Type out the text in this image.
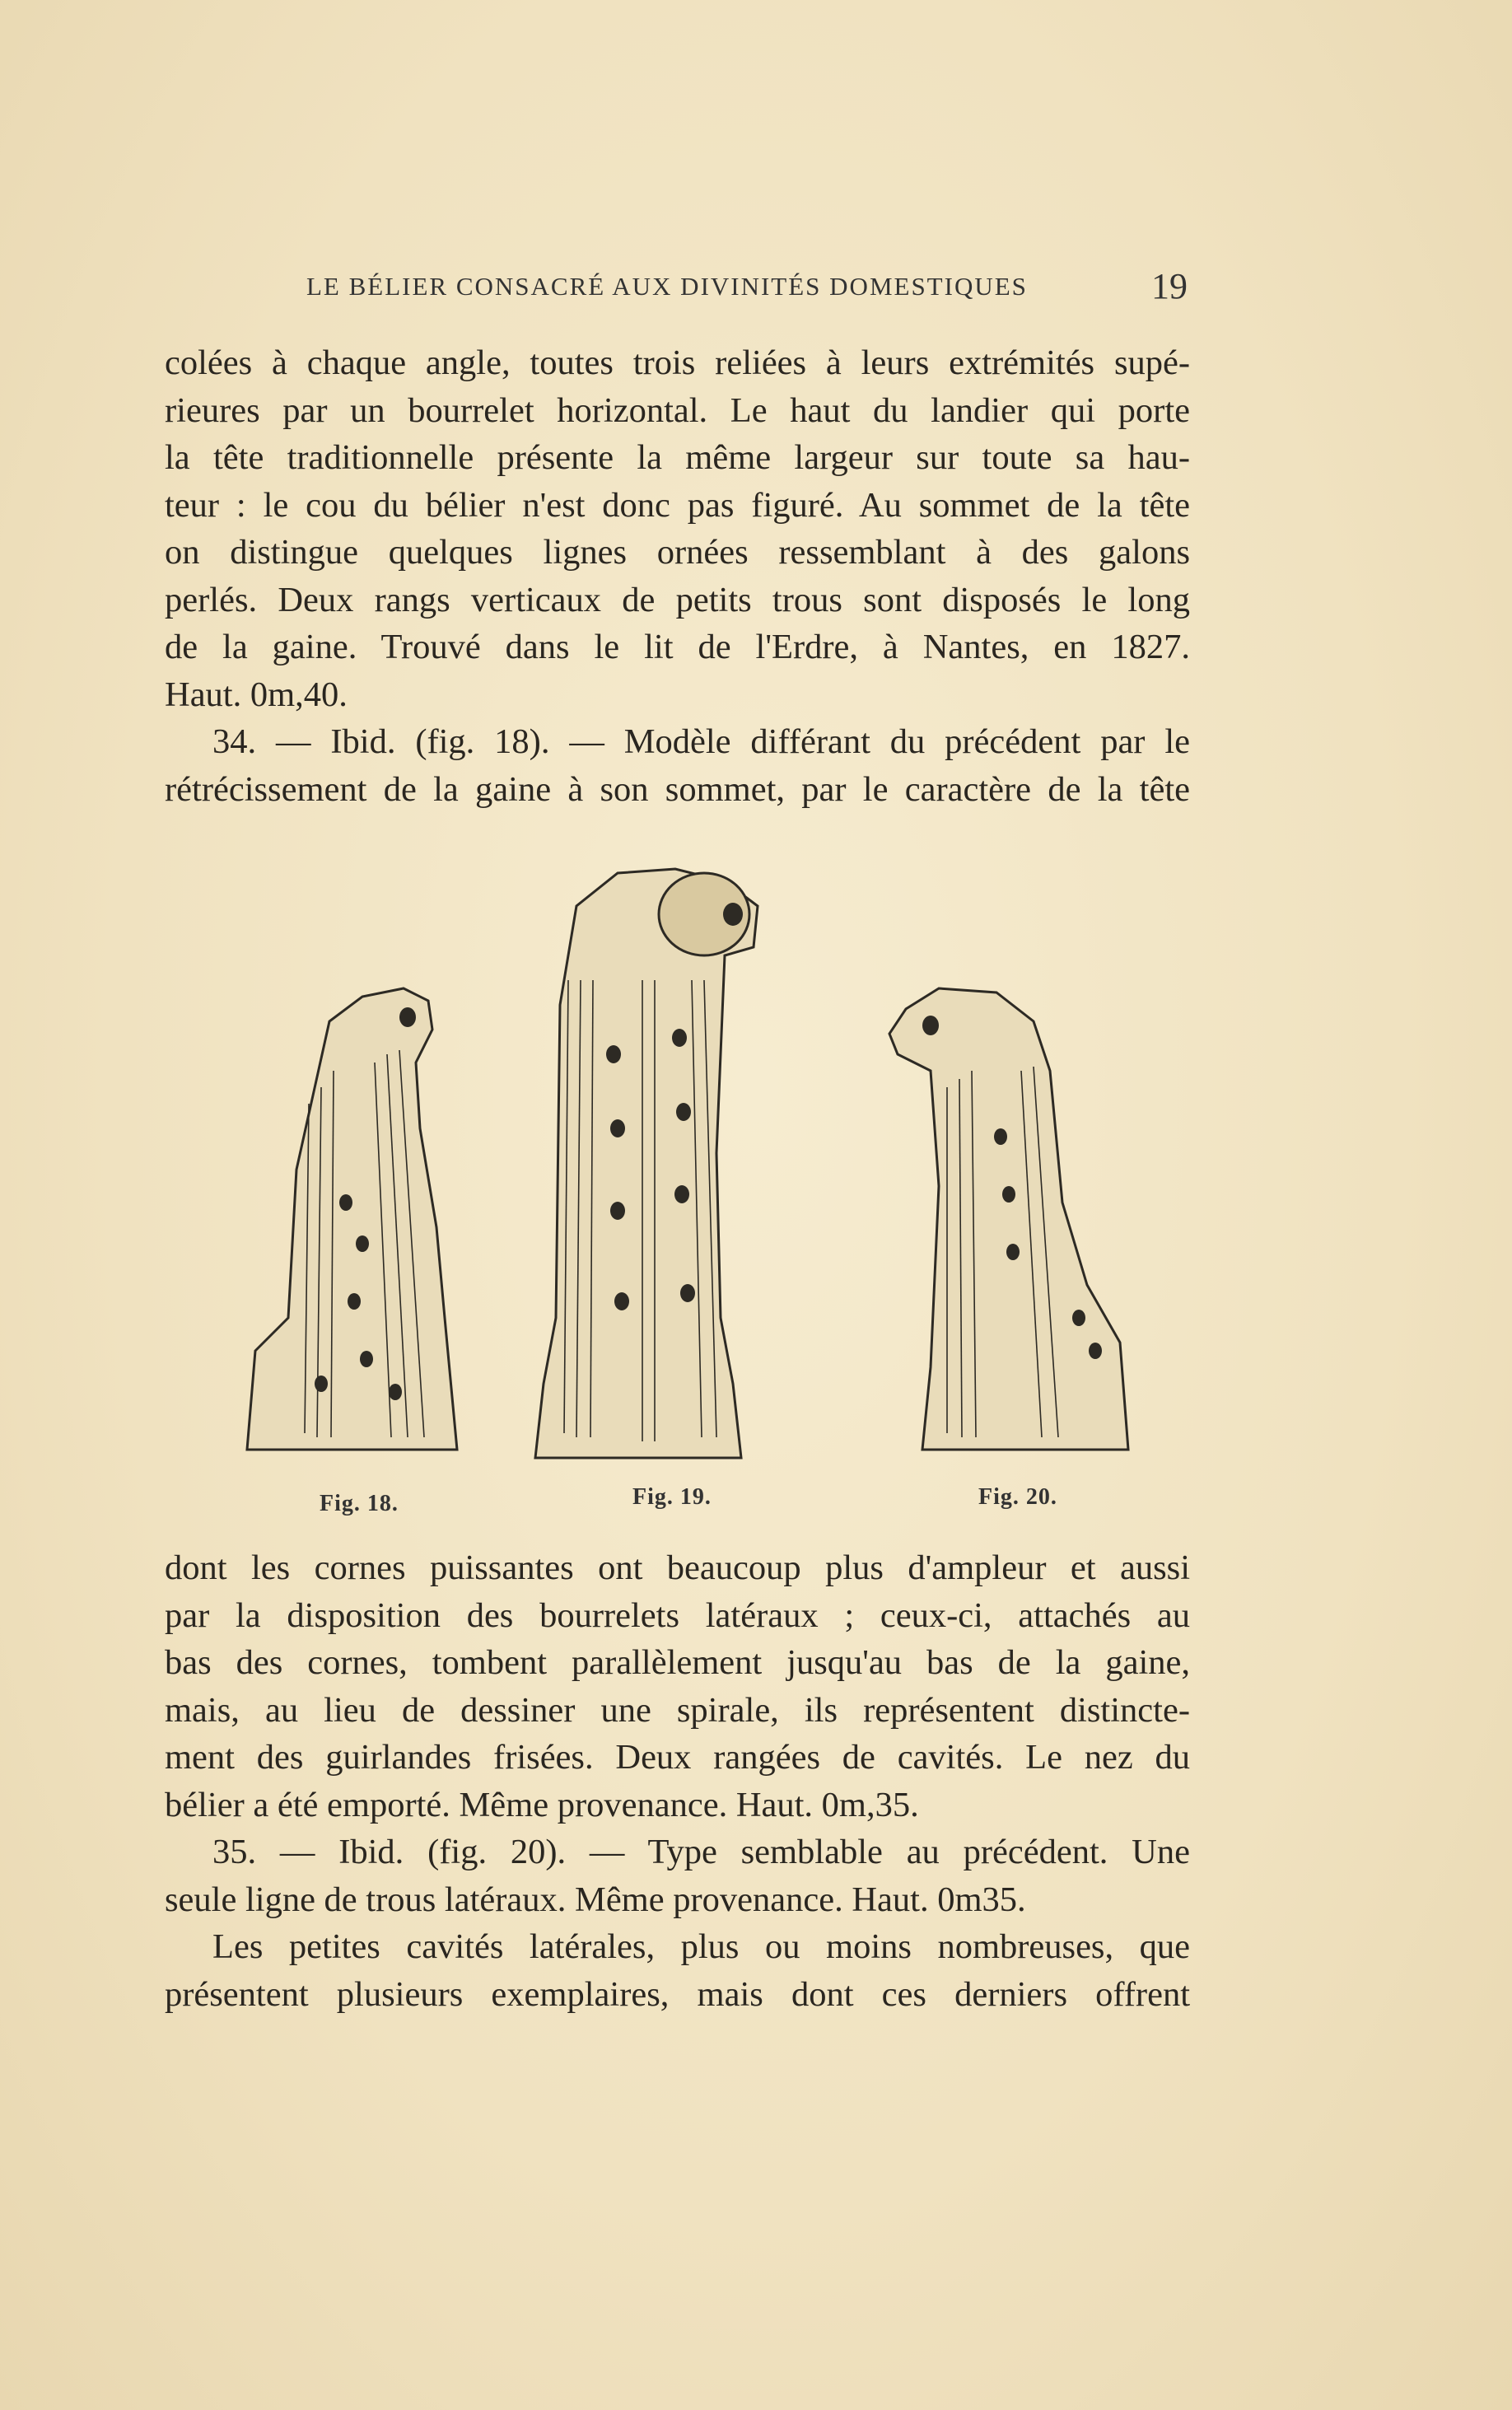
LE BÉLIER CONSACRÉ AUX DIVINITÉS DOMESTIQUES	19

colées à chaque angle, toutes trois reliées à leurs extrémités supé-

rieures par un bourrelet horizontal. Le haut du landier qui porte

la tête traditionnelle présente la même largeur sur toute sa hau-

teur : le cou du bélier n'est donc pas figuré. Au sommet de la tête

on distingue quelques lignes ornées ressemblant à des galons

perlés. Deux rangs verticaux de petits trous sont disposés le long

de la gaine. Trouvé dans le lit de l'Erdre, à Nantes, en 1827.

Haut. 0m,40.

34. — Ibid. (fig. 18). — Modèle différant du précédent par le

rétrécissement de la gaine à son sommet, par le caractère de la tête

Fig. 18.	Fig. 19.	Fig. 20.

dont les cornes puissantes ont beaucoup plus d'ampleur et aussi

par la disposition des bourrelets latéraux ; ceux-ci, attachés au

bas des cornes, tombent parallèlement jusqu'au bas de la gaine,

mais, au lieu de dessiner une spirale, ils représentent distincte-

ment des guirlandes frisées. Deux rangées de cavités. Le nez du

bélier a été emporté. Même provenance. Haut. 0m,35.

35. — Ibid. (fig. 20). — Type semblable au précédent. Une

seule ligne de trous latéraux. Même provenance. Haut. 0m35.

Les petites cavités latérales, plus ou moins nombreuses, que

présentent plusieurs exemplaires, mais dont ces derniers offrent
